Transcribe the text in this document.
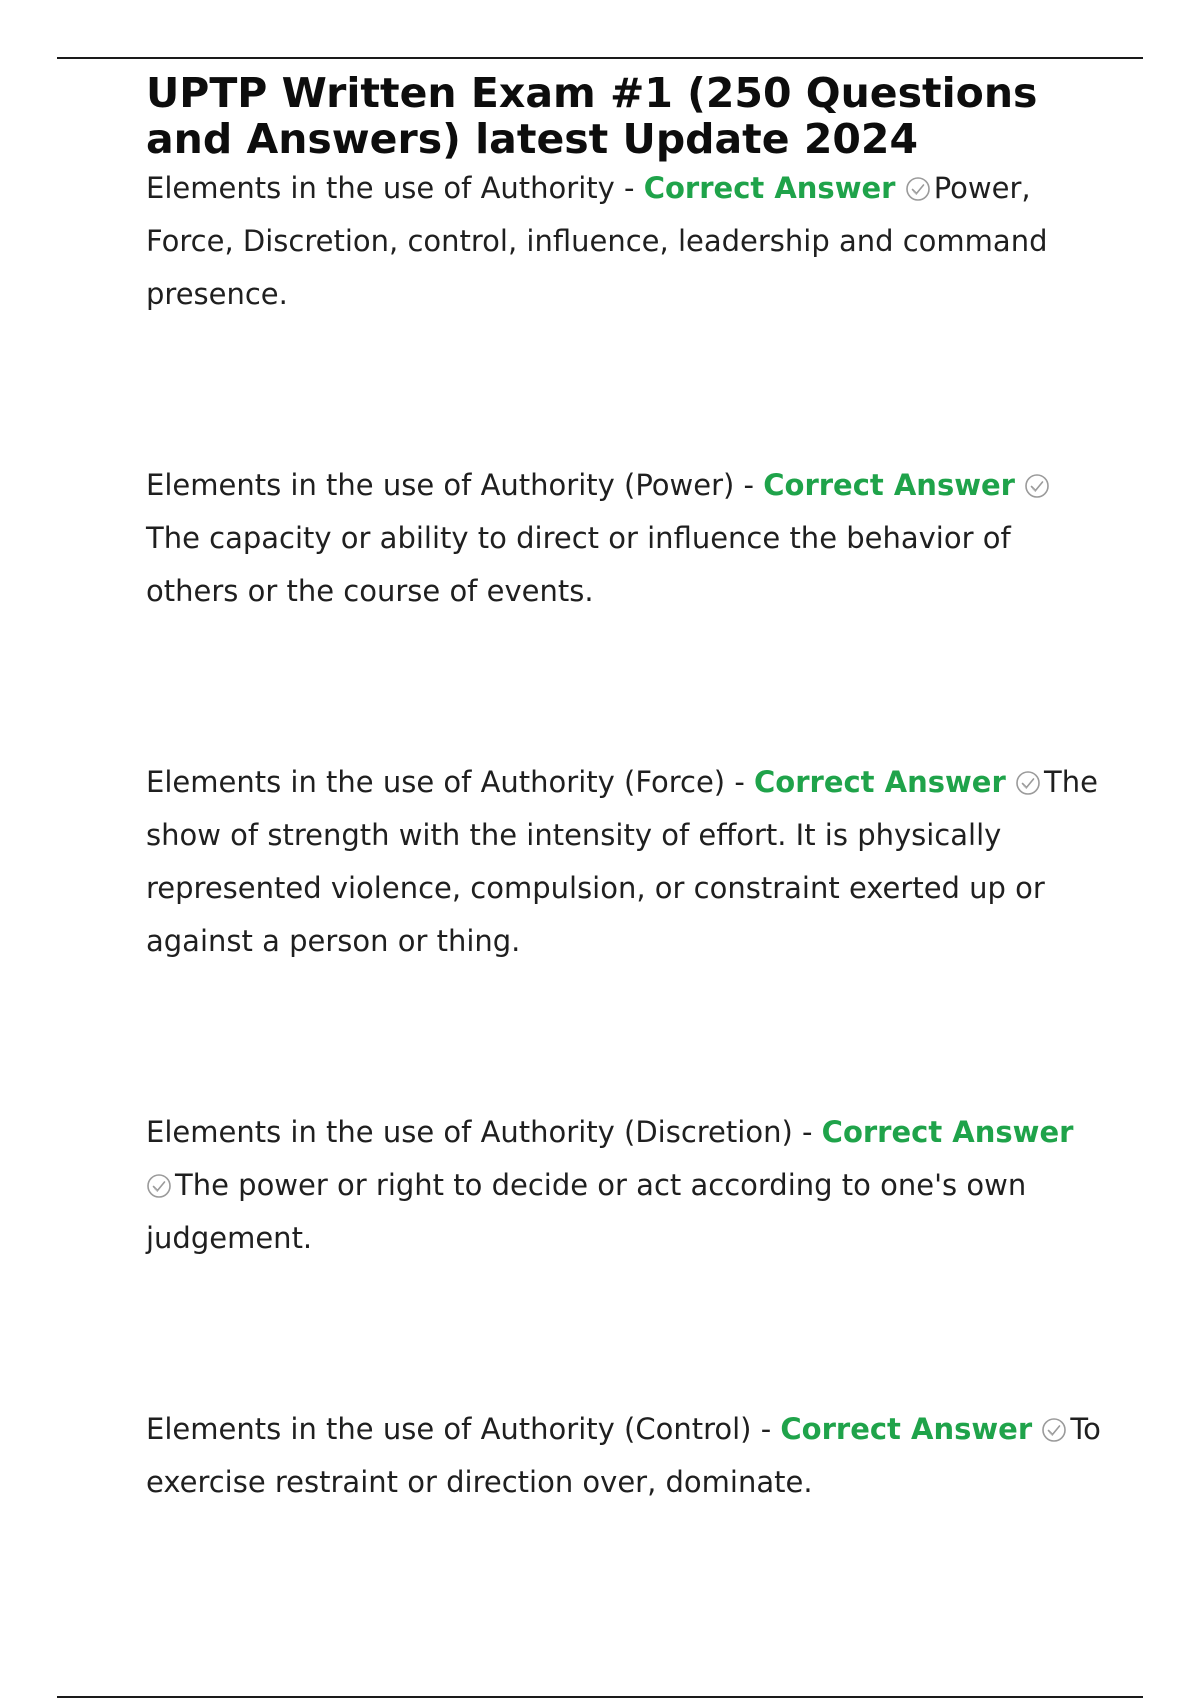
UPTP Written Exam #1 (250 Questions and Answers) latest Update 2024

Elements in the use of Authority - Correct Answer Power, Force, Discretion, control, influence, leadership and command presence.

Elements in the use of Authority (Power) - Correct Answer
The capacity or ability to direct or influence the behavior of others or the course of events.

Elements in the use of Authority (Force) - Correct Answer The show of strength with the intensity of effort. It is physically represented violence, compulsion, or constraint exerted up or against a person or thing.

Elements in the use of Authority (Discretion) - Correct Answer
The power or right to decide or act according to one's own judgement.

Elements in the use of Authority (Control) - Correct Answer To exercise restraint or direction over, dominate.
